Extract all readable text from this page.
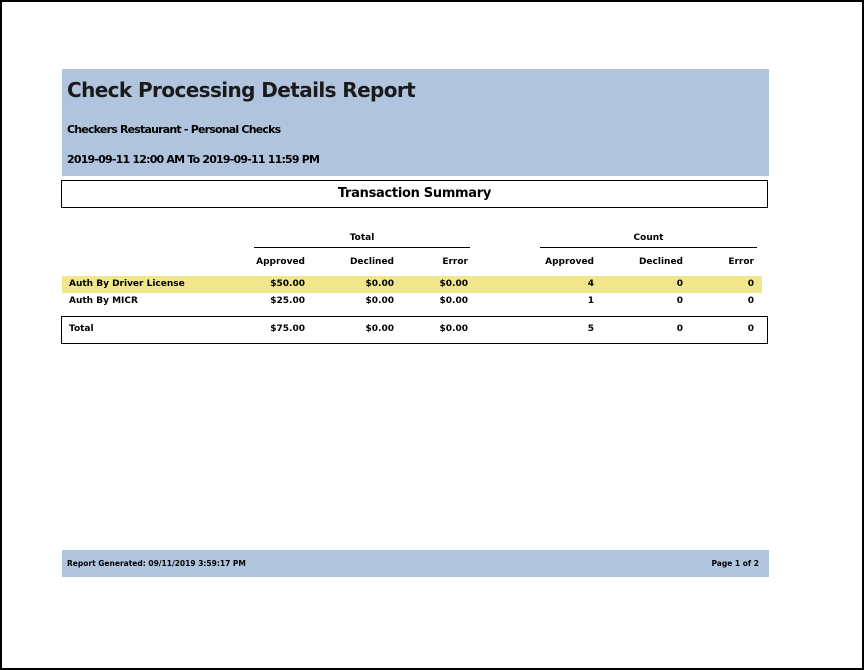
Check Processing Details Report
Checkers Restaurant - Personal Checks
2019-09-11 12:00 AM To 2019-09-11 11:59 PM
Transaction Summary
Total	Count
Approved	Declined	Error	Approved	Declined	Error
Auth By Driver License	$50.00	$0.00	$0.00	4	0	0
Auth By MICR	$25.00	$0.00	$0.00	1	0	0
Total	$75.00	$0.00	$0.00	5	0	0
Report Generated: 09/11/2019 3:59:17 PM	Page 1 of 2
